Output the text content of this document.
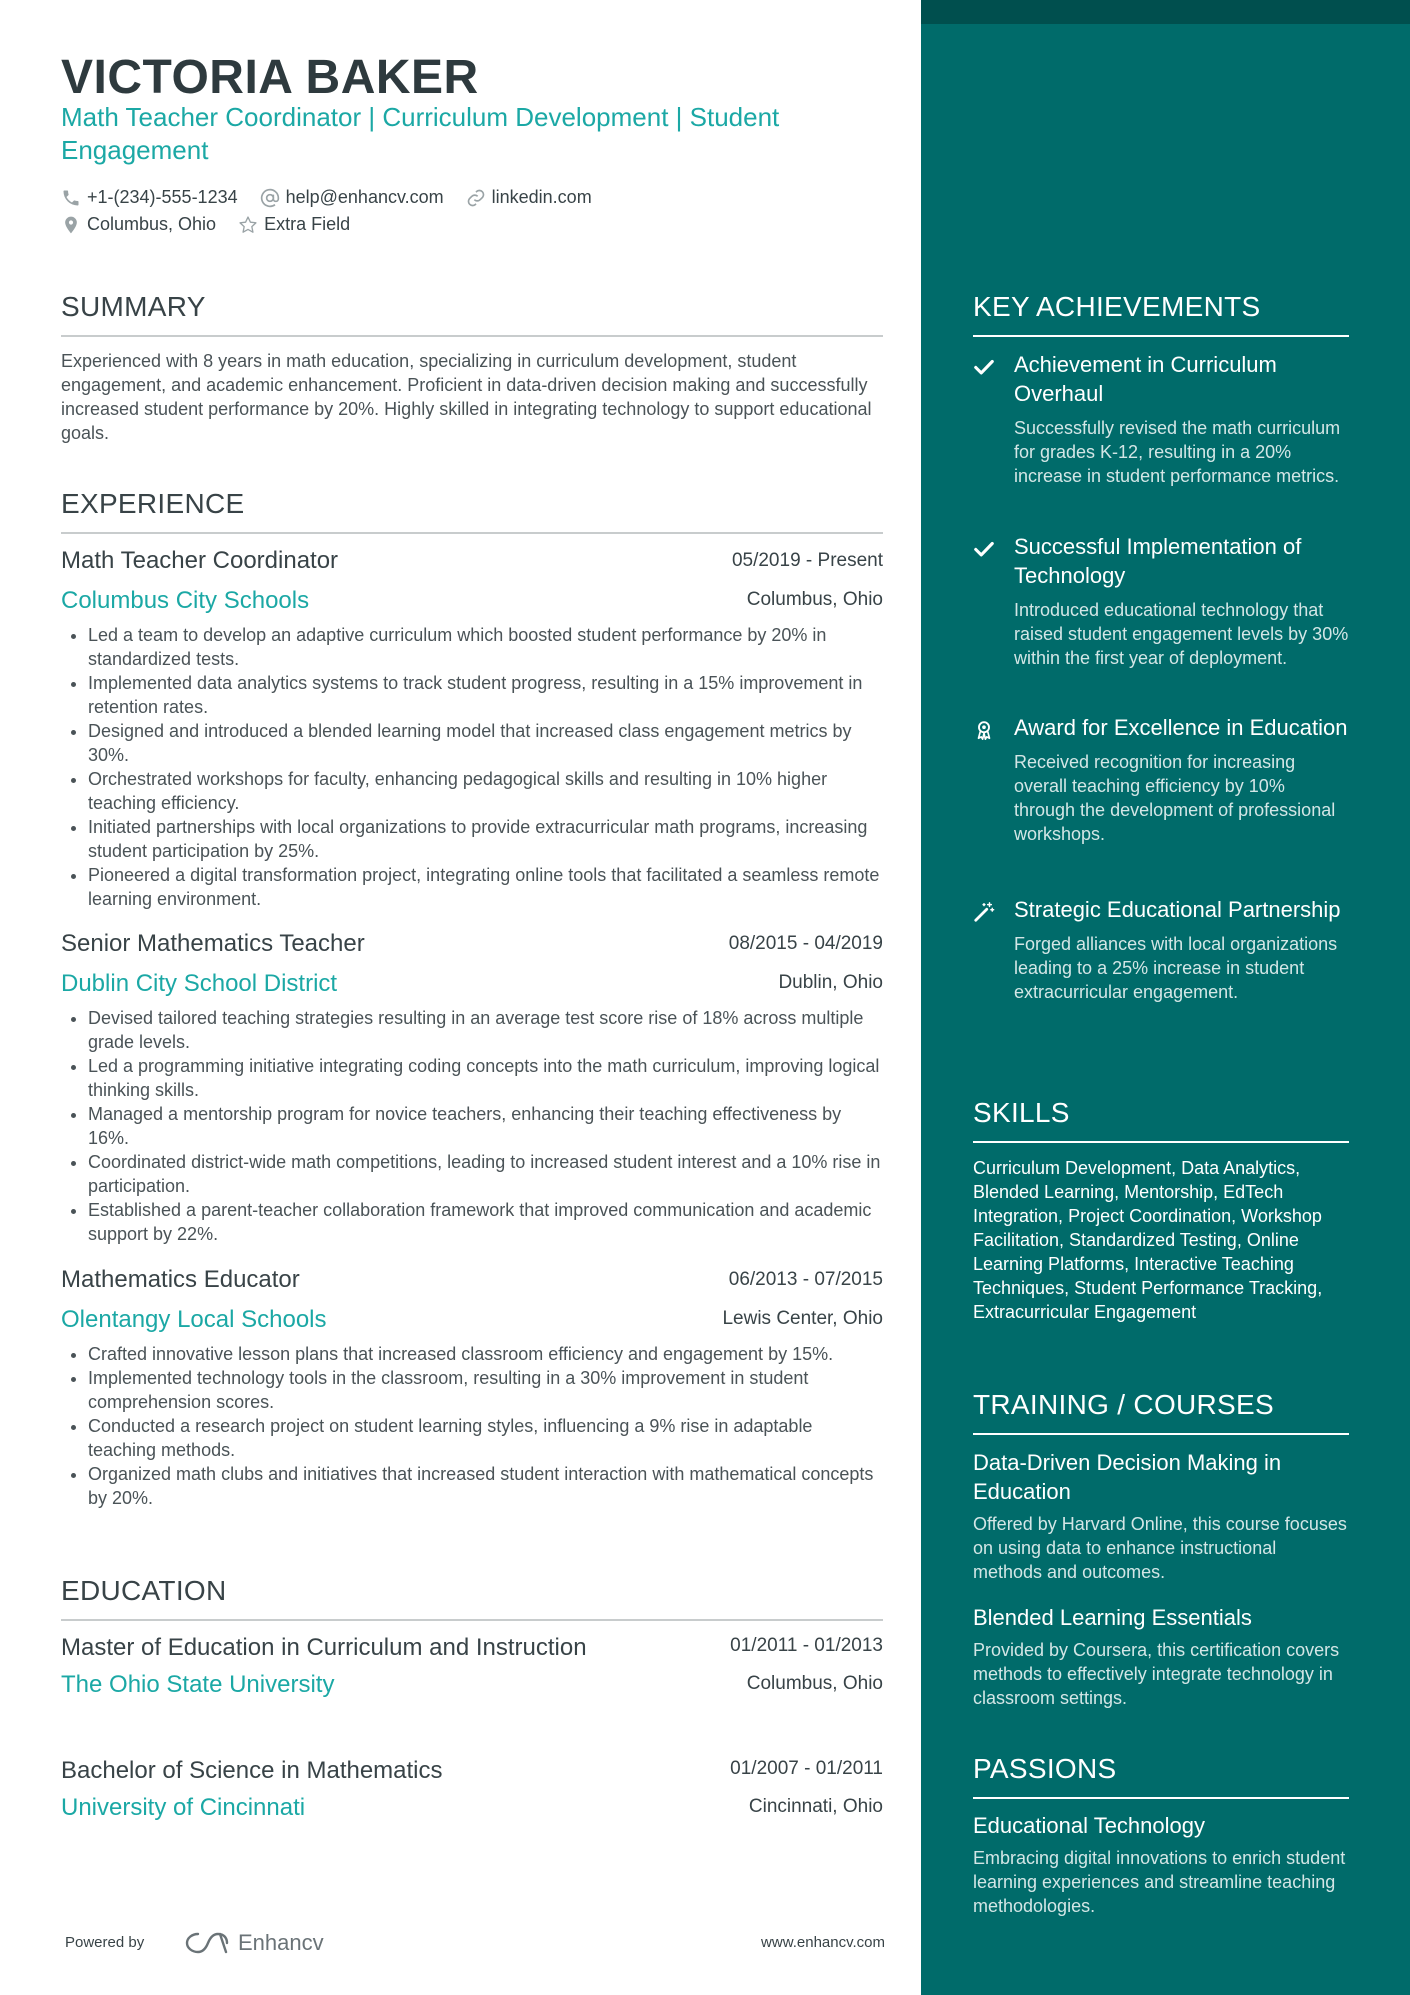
VICTORIA BAKER
Math Teacher Coordinator | Curriculum Development | Student Engagement
+1-(234)-555-1234	help@enhancv.com	linkedin.com
Columbus, Ohio	Extra Field
SUMMARY

Experienced with 8 years in math education, specializing in curriculum development, student engagement, and academic enhancement. Proficient in data-driven decision making and successfully increased student performance by 20%. Highly skilled in integrating technology to support educational goals.

EXPERIENCE
Math Teacher Coordinator	05/2019 - Present
Columbus City Schools	Columbus, Ohio
• Led a team to develop an adaptive curriculum which boosted student performance by 20% in standardized tests.
• Implemented data analytics systems to track student progress, resulting in a 15% improvement in retention rates.
• Designed and introduced a blended learning model that increased class engagement metrics by 30%.
• Orchestrated workshops for faculty, enhancing pedagogical skills and resulting in 10% higher teaching efficiency.
• Initiated partnerships with local organizations to provide extracurricular math programs, increasing student participation by 25%.
• Pioneered a digital transformation project, integrating online tools that facilitated a seamless remote learning environment.
Senior Mathematics Teacher	08/2015 - 04/2019
Dublin City School District	Dublin, Ohio
• Devised tailored teaching strategies resulting in an average test score rise of 18% across multiple grade levels.
• Led a programming initiative integrating coding concepts into the math curriculum, improving logical thinking skills.
• Managed a mentorship program for novice teachers, enhancing their teaching effectiveness by 16%.
• Coordinated district-wide math competitions, leading to increased student interest and a 10% rise in participation.
• Established a parent-teacher collaboration framework that improved communication and academic support by 22%.
Mathematics Educator	06/2013 - 07/2015
Olentangy Local Schools	Lewis Center, Ohio
• Crafted innovative lesson plans that increased classroom efficiency and engagement by 15%.
• Implemented technology tools in the classroom, resulting in a 30% improvement in student comprehension scores.
• Conducted a research project on student learning styles, influencing a 9% rise in adaptable teaching methods.
• Organized math clubs and initiatives that increased student interaction with mathematical concepts by 20%.
EDUCATION
Master of Education in Curriculum and Instruction	01/2011 - 01/2013
The Ohio State University	Columbus, Ohio
Bachelor of Science in Mathematics	01/2007 - 01/2011
University of Cincinnati	Cincinnati, Ohio
Powered by	Enhancv	www.enhancv.com
KEY ACHIEVEMENTS
Achievement in Curriculum Overhaul
Successfully revised the math curriculum for grades K-12, resulting in a 20% increase in student performance metrics.
Successful Implementation of Technology
Introduced educational technology that raised student engagement levels by 30% within the first year of deployment.
Award for Excellence in Education
Received recognition for increasing overall teaching efficiency by 10% through the development of professional workshops.
Strategic Educational Partnership
Forged alliances with local organizations leading to a 25% increase in student extracurricular engagement.
SKILLS

Curriculum Development, Data Analytics, Blended Learning, Mentorship, EdTech Integration, Project Coordination, Workshop Facilitation, Standardized Testing, Online Learning Platforms, Interactive Teaching Techniques, Student Performance Tracking, Extracurricular Engagement

TRAINING / COURSES
Data-Driven Decision Making in Education
Offered by Harvard Online, this course focuses on using data to enhance instructional methods and outcomes.
Blended Learning Essentials
Provided by Coursera, this certification covers methods to effectively integrate technology in classroom settings.
PASSIONS
Educational Technology
Embracing digital innovations to enrich student learning experiences and streamline teaching methodologies.
